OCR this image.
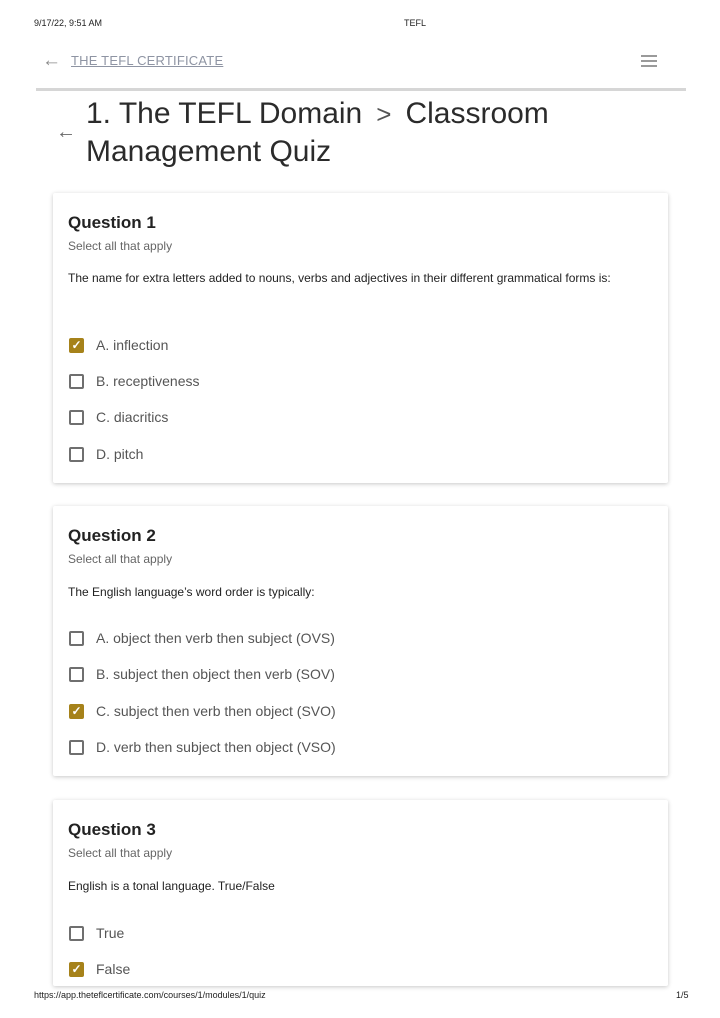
9/17/22, 9:51 AM	TEFL
← THE TEFL CERTIFICATE
←
1. The TEFL Domain > Classroom Management Quiz
Question 1
Select all that apply
The name for extra letters added to nouns, verbs and adjectives in their different grammatical forms is:
✓ A. inflection
B. receptiveness
C. diacritics
D. pitch
Question 2
Select all that apply
The English language’s word order is typically:
A. object then verb then subject (OVS)
B. subject then object then verb (SOV)
✓ C. subject then verb then object (SVO)
D. verb then subject then object (VSO)
Question 3
Select all that apply
English is a tonal language. True/False
True
✓ False
https://app.theteflcertificate.com/courses/1/modules/1/quiz	1/5
